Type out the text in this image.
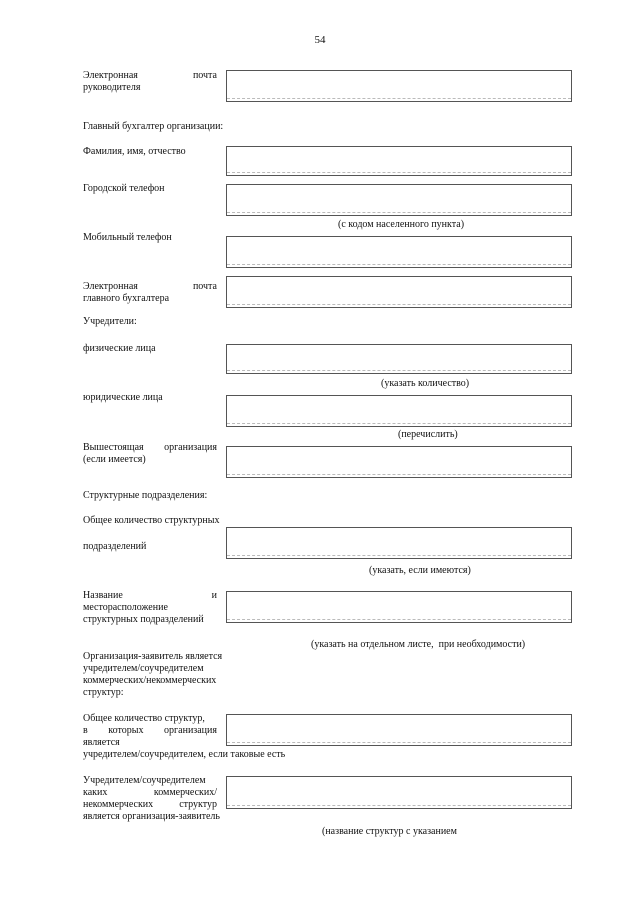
54
Электронная	почта
руководителя
Главный бухгалтер организации:
Фамилия, имя, отчество
Городской телефон
(с кодом населенного пункта)
Мобильный телефон
Электронная	почта
главного бухгалтера
Учредители:
физические лица
(указать количество)
юридические лица
(перечислить)
Вышестоящая организация
(если имеется)
Структурные подразделения:
Общее количество структурных
подразделений
(указать, если имеются)
Название	и
месторасположение
структурных подразделений
(указать на отдельном листе,  при необходимости)
Организация-заявитель является
учредителем/соучредителем
коммерческих/некоммерческих
структур:
Общее количество структур,
в которых организация
является
учредителем/соучредителем, если таковые есть
Учредителем/соучредителем
каких	коммерческих/
некоммерческих	структур
является организация-заявитель
(название структур с указанием
